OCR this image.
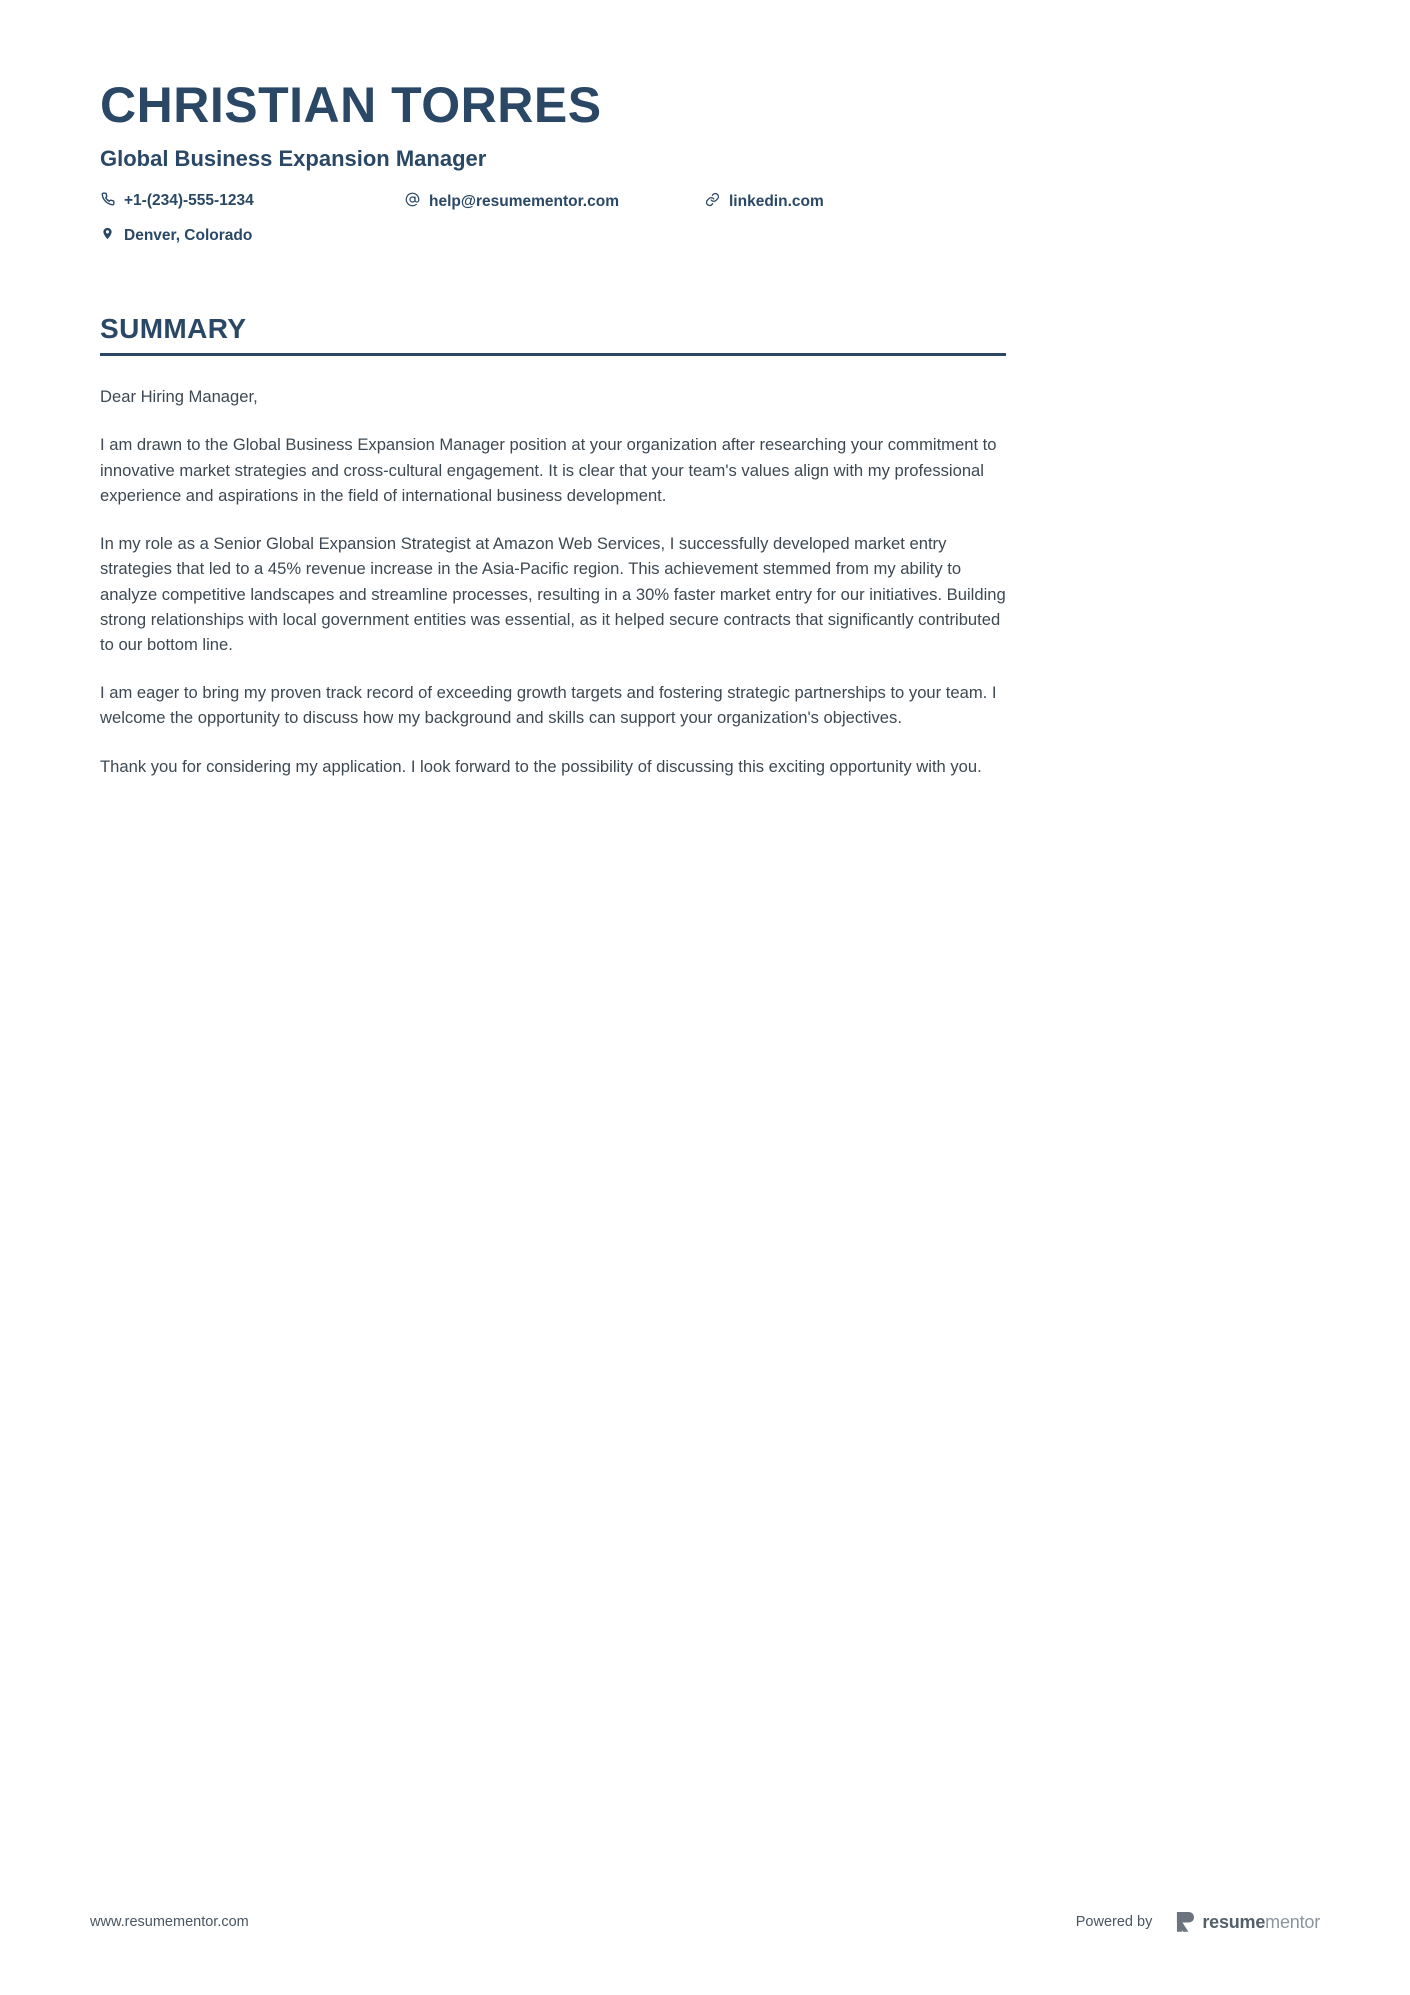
CHRISTIAN TORRES
Global Business Expansion Manager
+1-(234)-555-1234	help@resumementor.com	linkedin.com
Denver, Colorado
SUMMARY

Dear Hiring Manager,

I am drawn to the Global Business Expansion Manager position at your organization after researching your commitment to innovative market strategies and cross-cultural engagement. It is clear that your team's values align with my professional experience and aspirations in the field of international business development.

In my role as a Senior Global Expansion Strategist at Amazon Web Services, I successfully developed market entry strategies that led to a 45% revenue increase in the Asia-Pacific region. This achievement stemmed from my ability to analyze competitive landscapes and streamline processes, resulting in a 30% faster market entry for our initiatives. Building strong relationships with local government entities was essential, as it helped secure contracts that significantly contributed to our bottom line.

I am eager to bring my proven track record of exceeding growth targets and fostering strategic partnerships to your team. I welcome the opportunity to discuss how my background and skills can support your organization's objectives.

Thank you for considering my application. I look forward to the possibility of discussing this exciting opportunity with you.

www.resumementor.com	Powered by	resumementor
